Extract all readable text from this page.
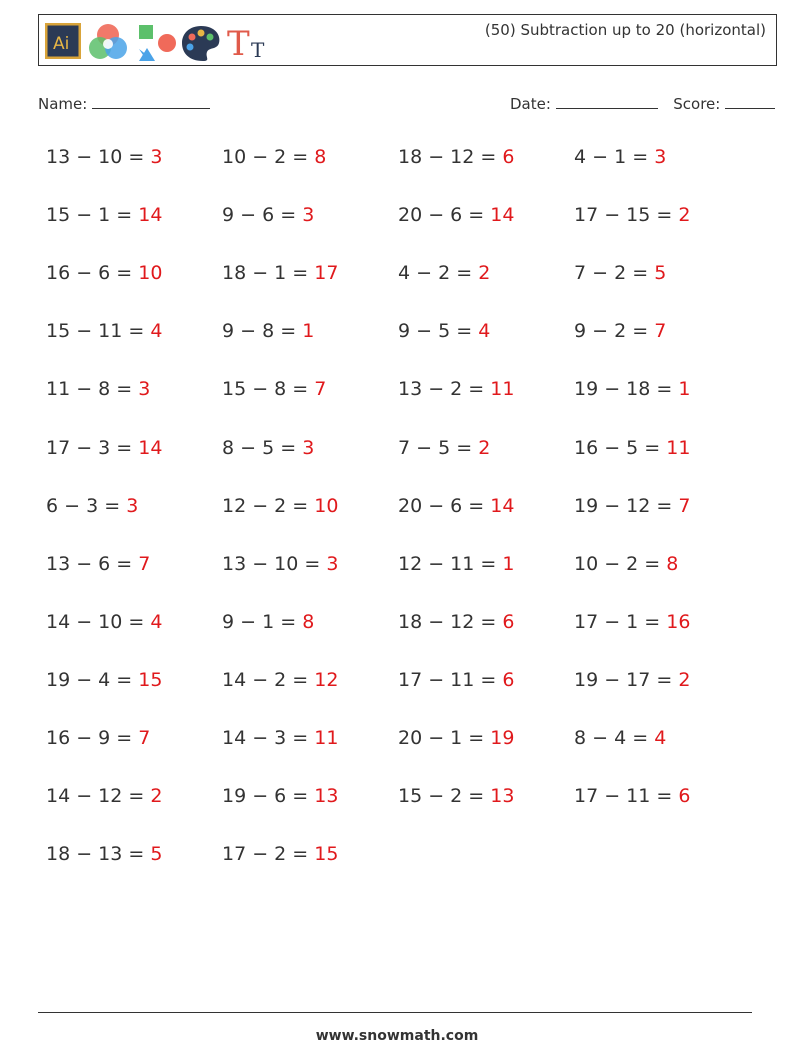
Ai	T T
(50) Subtraction up to 20 (horizontal)
Name:	Date:	Score:
13 − 10 = 3	10 − 2 = 8	18 − 12 = 6	4 − 1 = 3
15 − 1 = 14	9 − 6 = 3	20 − 6 = 14	17 − 15 = 2
16 − 6 = 10	18 − 1 = 17	4 − 2 = 2	7 − 2 = 5
15 − 11 = 4	9 − 8 = 1	9 − 5 = 4	9 − 2 = 7
11 − 8 = 3	15 − 8 = 7	13 − 2 = 11	19 − 18 = 1
17 − 3 = 14	8 − 5 = 3	7 − 5 = 2	16 − 5 = 11
6 − 3 = 3	12 − 2 = 10	20 − 6 = 14	19 − 12 = 7
13 − 6 = 7	13 − 10 = 3	12 − 11 = 1	10 − 2 = 8
14 − 10 = 4	9 − 1 = 8	18 − 12 = 6	17 − 1 = 16
19 − 4 = 15	14 − 2 = 12	17 − 11 = 6	19 − 17 = 2
16 − 9 = 7	14 − 3 = 11	20 − 1 = 19	8 − 4 = 4
14 − 12 = 2	19 − 6 = 13	15 − 2 = 13	17 − 11 = 6
18 − 13 = 5	17 − 2 = 15
www.snowmath.com
